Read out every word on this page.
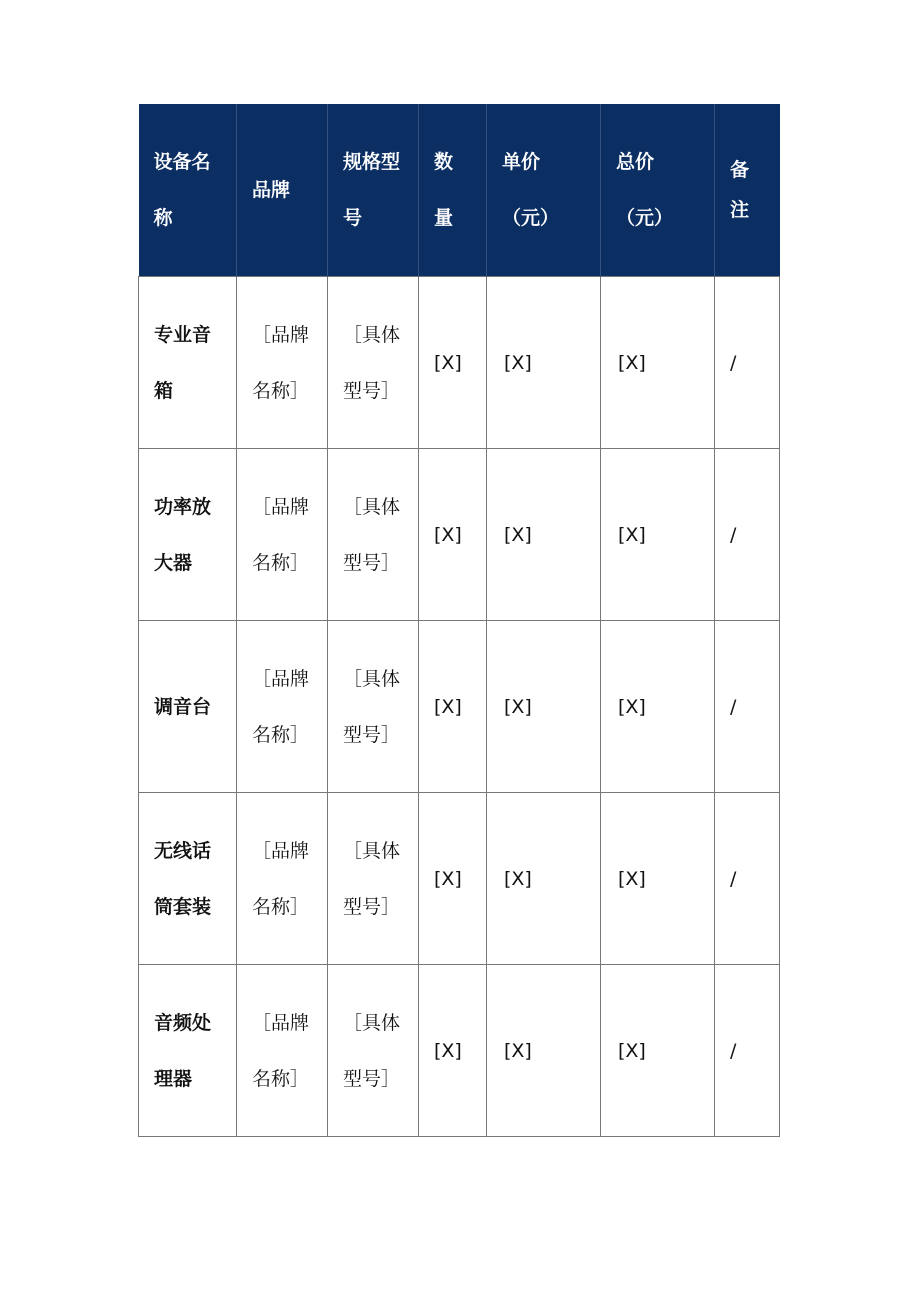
设备名称	品牌	规格型号	数量	单价（元）	总价（元）	备注

专业音箱	［品牌名称］	［具体型号］	[X]	[X]	[X]	/

功率放大器	［品牌名称］	［具体型号］	[X]	[X]	[X]	/

调音台	［品牌名称］	［具体型号］	[X]	[X]	[X]	/

无线话筒套装	［品牌名称］	［具体型号］	[X]	[X]	[X]	/

音频处理器	［品牌名称］	［具体型号］	[X]	[X]	[X]	/
